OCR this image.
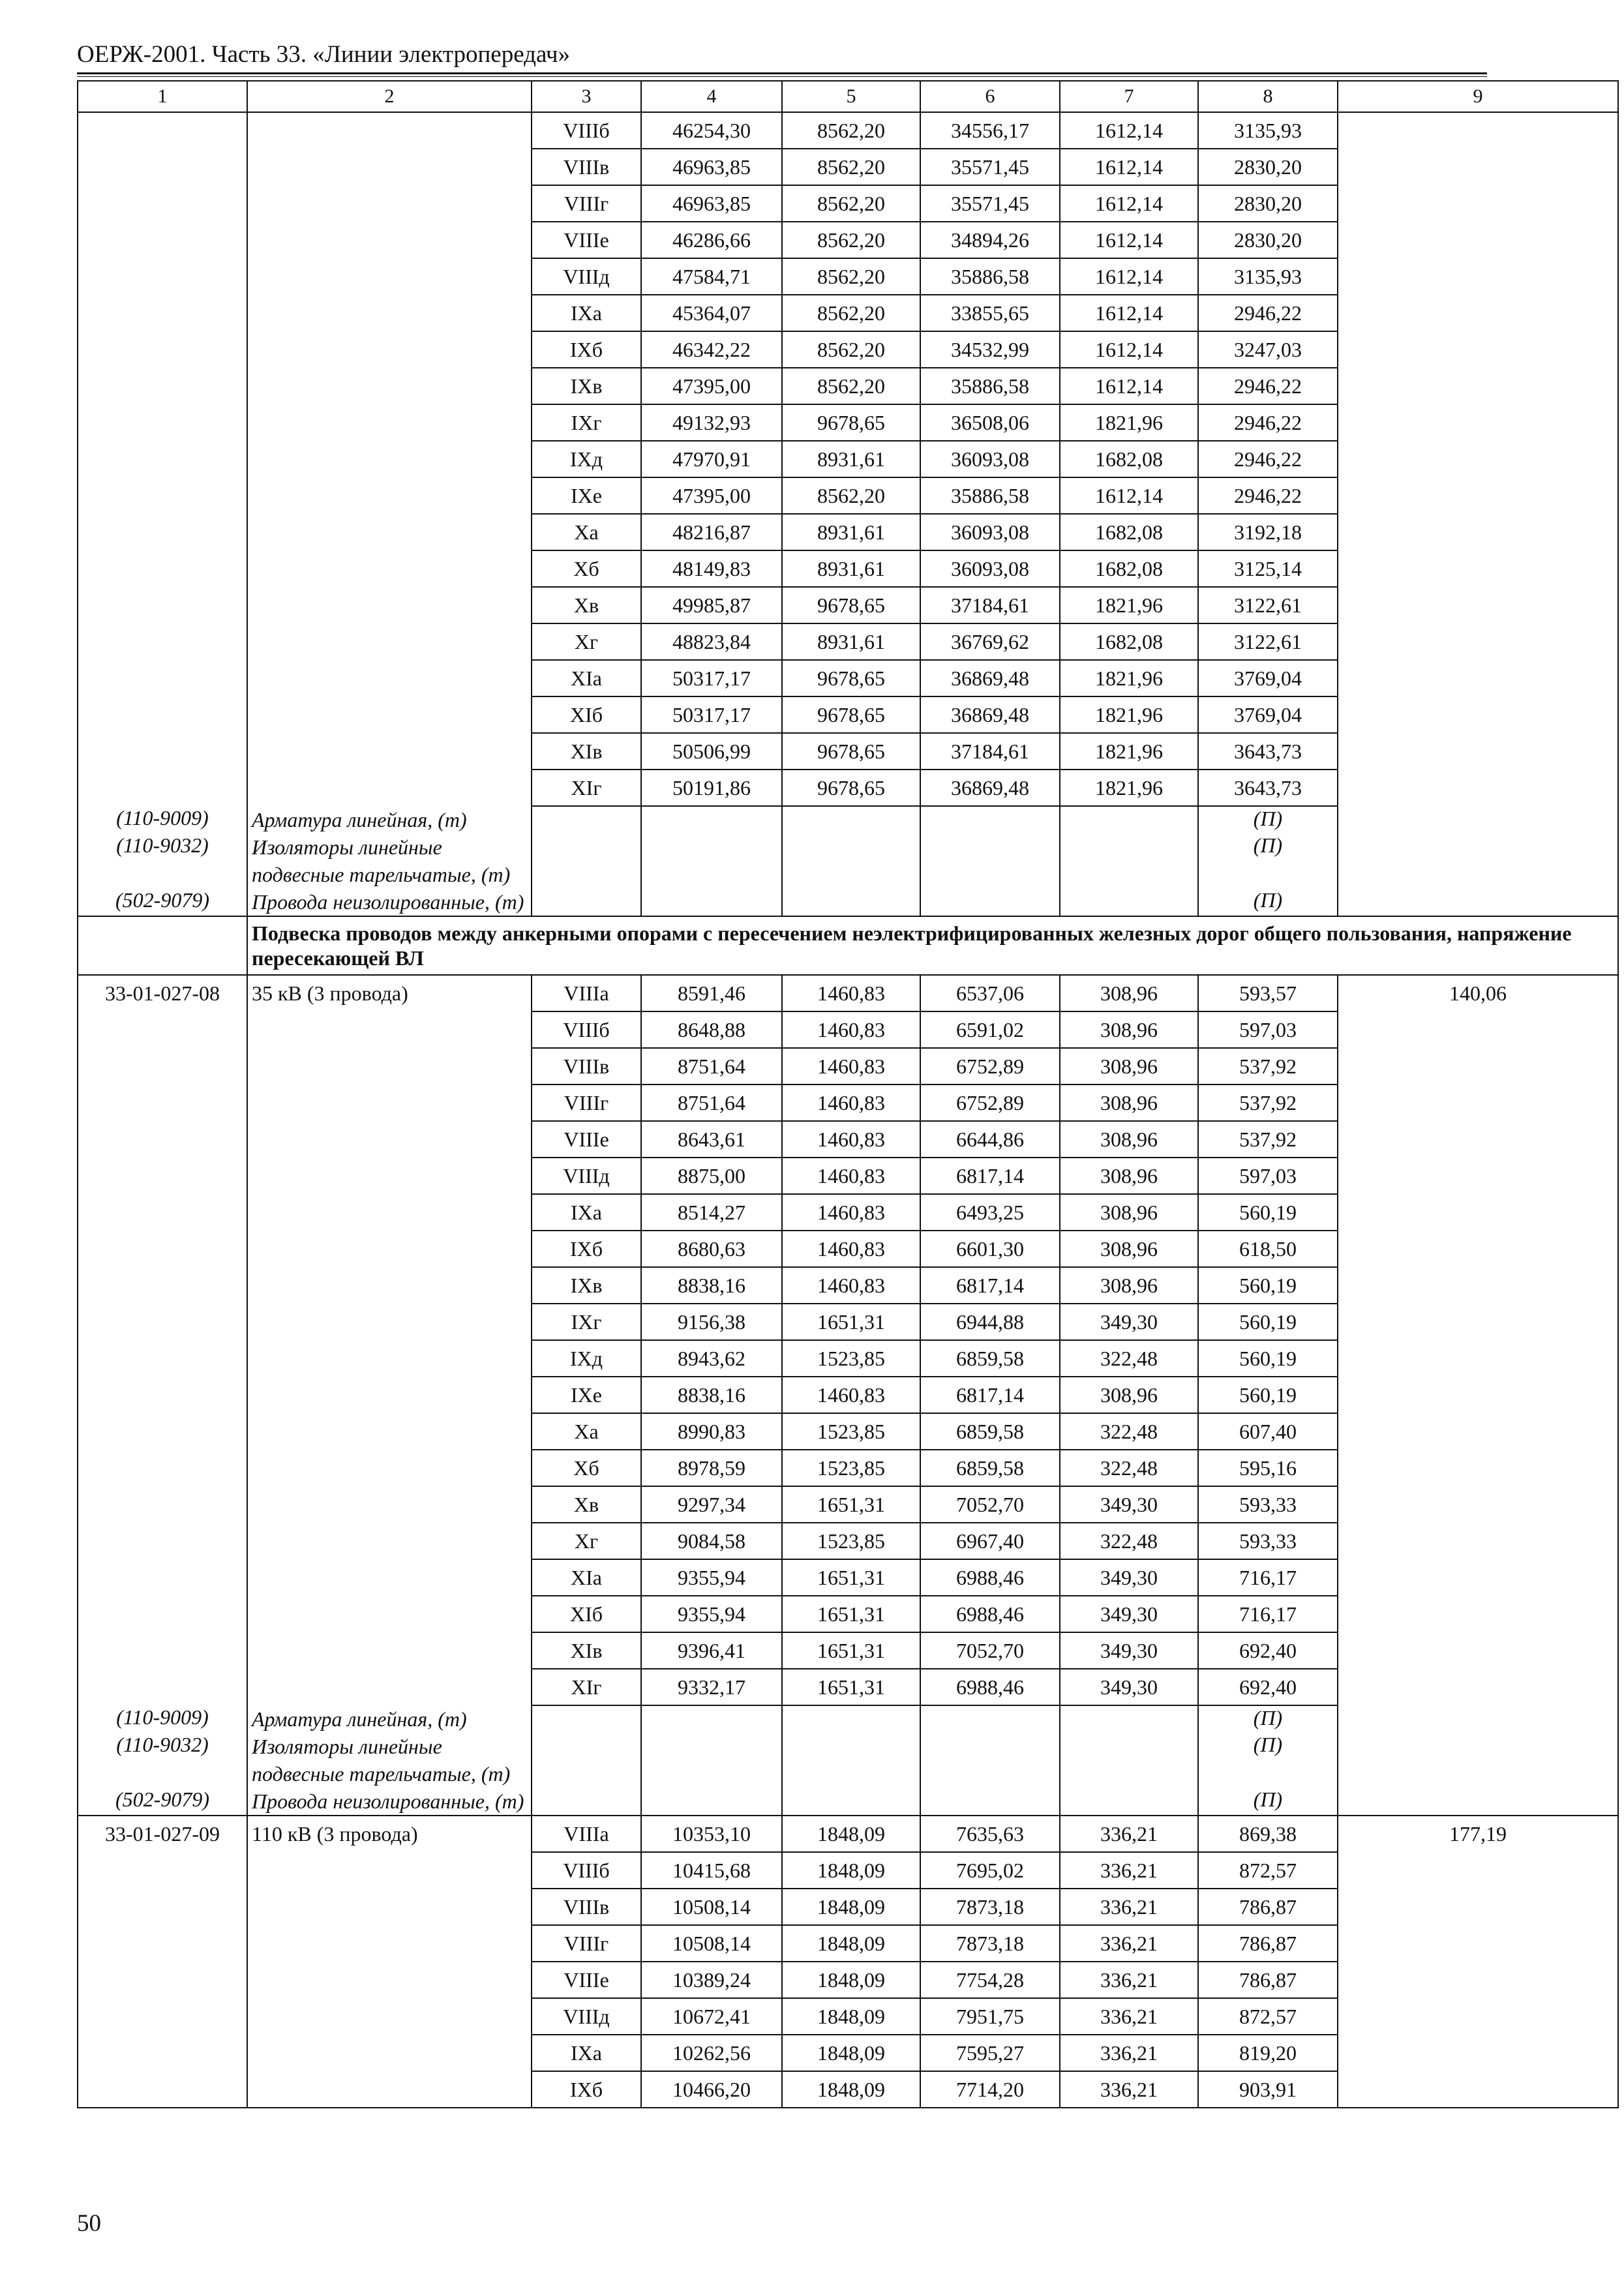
ОЕРЖ-2001. Часть 33. «Линии электропередач»
1	2	3	4	5	6	7	8	9
		VIIIб	46254,30	8562,20	34556,17	1612,14	3135,93	
		VIIIв	46963,85	8562,20	35571,45	1612,14	2830,20	
		VIIIг	46963,85	8562,20	35571,45	1612,14	2830,20	
		VIIIе	46286,66	8562,20	34894,26	1612,14	2830,20	
		VIIIд	47584,71	8562,20	35886,58	1612,14	3135,93	
		IXа	45364,07	8562,20	33855,65	1612,14	2946,22	
		IXб	46342,22	8562,20	34532,99	1612,14	3247,03	
		IXв	47395,00	8562,20	35886,58	1612,14	2946,22	
		IXг	49132,93	9678,65	36508,06	1821,96	2946,22	
		IXд	47970,91	8931,61	36093,08	1682,08	2946,22	
		IXе	47395,00	8562,20	35886,58	1612,14	2946,22	
		Xа	48216,87	8931,61	36093,08	1682,08	3192,18	
		Xб	48149,83	8931,61	36093,08	1682,08	3125,14	
		Xв	49985,87	9678,65	37184,61	1821,96	3122,61	
		Xг	48823,84	8931,61	36769,62	1682,08	3122,61	
		XIа	50317,17	9678,65	36869,48	1821,96	3769,04	
		XIб	50317,17	9678,65	36869,48	1821,96	3769,04	
		XIв	50506,99	9678,65	37184,61	1821,96	3643,73	
		XIг	50191,86	9678,65	36869,48	1821,96	3643,73	
(110-9009)	Арматура линейная, (т)						(П)	
(110-9032)	Изоляторы линейные подвесные тарельчатые, (т)						(П)	
(502-9079)	Провода неизолированные, (т)						(П)	
	Подвеска проводов между анкерными опорами с пересечением неэлектрифицированных железных дорог общего пользования, напряжение пересекающей ВЛ							
33-01-027-08	35 кВ (3 провода)	VIIIа	8591,46	1460,83	6537,06	308,96	593,57	140,06
		VIIIб	8648,88	1460,83	6591,02	308,96	597,03	
		VIIIв	8751,64	1460,83	6752,89	308,96	537,92	
		VIIIг	8751,64	1460,83	6752,89	308,96	537,92	
		VIIIе	8643,61	1460,83	6644,86	308,96	537,92	
		VIIIд	8875,00	1460,83	6817,14	308,96	597,03	
		IXа	8514,27	1460,83	6493,25	308,96	560,19	
		IXб	8680,63	1460,83	6601,30	308,96	618,50	
		IXв	8838,16	1460,83	6817,14	308,96	560,19	
		IXг	9156,38	1651,31	6944,88	349,30	560,19	
		IXд	8943,62	1523,85	6859,58	322,48	560,19	
		IXе	8838,16	1460,83	6817,14	308,96	560,19	
		Xа	8990,83	1523,85	6859,58	322,48	607,40	
		Xб	8978,59	1523,85	6859,58	322,48	595,16	
		Xв	9297,34	1651,31	7052,70	349,30	593,33	
		Xг	9084,58	1523,85	6967,40	322,48	593,33	
		XIа	9355,94	1651,31	6988,46	349,30	716,17	
		XIб	9355,94	1651,31	6988,46	349,30	716,17	
		XIв	9396,41	1651,31	7052,70	349,30	692,40	
		XIг	9332,17	1651,31	6988,46	349,30	692,40	
(110-9009)	Арматура линейная, (т)						(П)	
(110-9032)	Изоляторы линейные подвесные тарельчатые, (т)						(П)	
(502-9079)	Провода неизолированные, (т)						(П)	
33-01-027-09	110 кВ (3 провода)	VIIIа	10353,10	1848,09	7635,63	336,21	869,38	177,19
		VIIIб	10415,68	1848,09	7695,02	336,21	872,57	
		VIIIв	10508,14	1848,09	7873,18	336,21	786,87	
		VIIIг	10508,14	1848,09	7873,18	336,21	786,87	
		VIIIе	10389,24	1848,09	7754,28	336,21	786,87	
		VIIIд	10672,41	1848,09	7951,75	336,21	872,57	
		IXа	10262,56	1848,09	7595,27	336,21	819,20	
		IXб	10466,20	1848,09	7714,20	336,21	903,91	
50
